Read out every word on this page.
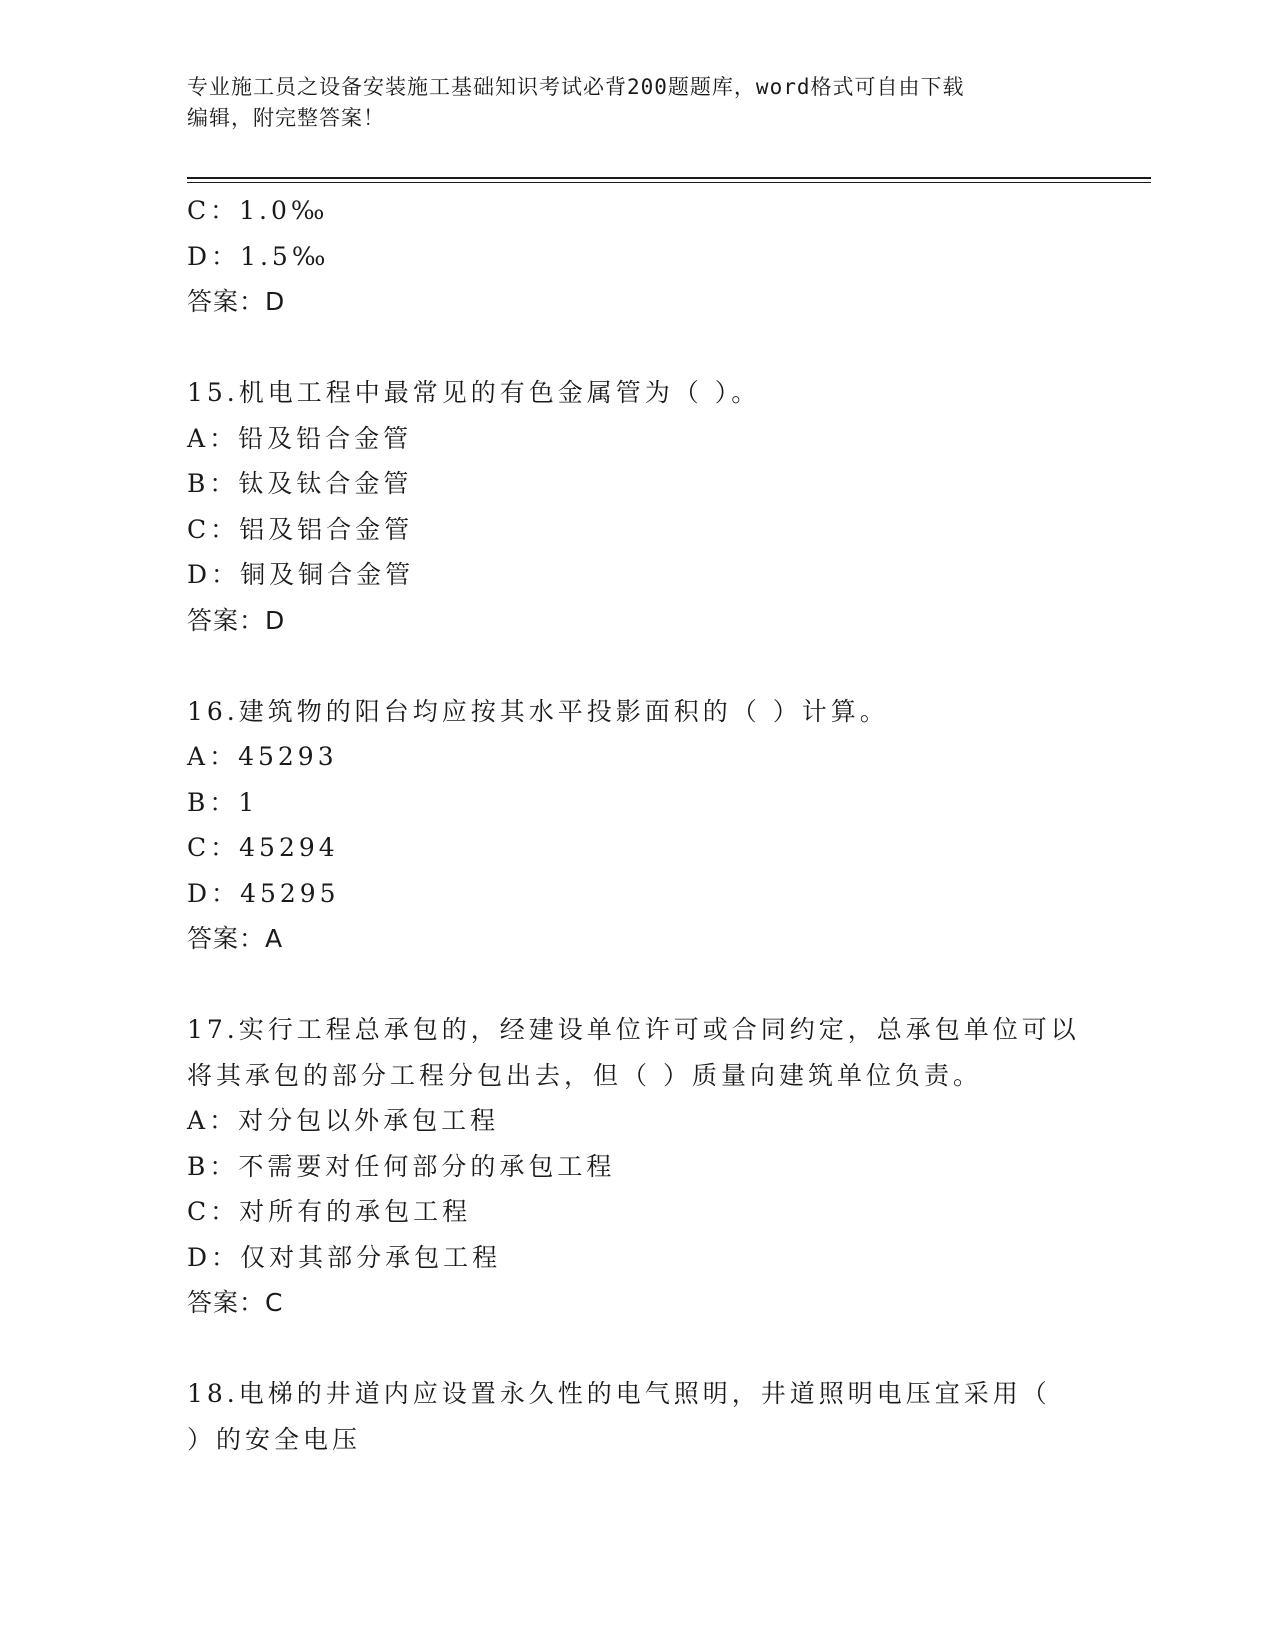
专业施工员之设备安装施工基础知识考试必背200题题库，word格式可自由下载
编辑，附完整答案！
C：1.0‰
D：1.5‰
答案：D
15.机电工程中最常见的有色金属管为（ ）。
A：铅及铅合金管
B：钛及钛合金管
C：铝及铝合金管
D：铜及铜合金管
答案：D
16.建筑物的阳台均应按其水平投影面积的（ ）计算。
A：45293
B：1
C：45294
D：45295
答案：A
17.实行工程总承包的，经建设单位许可或合同约定，总承包单位可以
将其承包的部分工程分包出去，但（ ）质量向建筑单位负责。
A：对分包以外承包工程
B：不需要对任何部分的承包工程
C：对所有的承包工程
D：仅对其部分承包工程
答案：C
18.电梯的井道内应设置永久性的电气照明，井道照明电压宜采用（
）的安全电压
